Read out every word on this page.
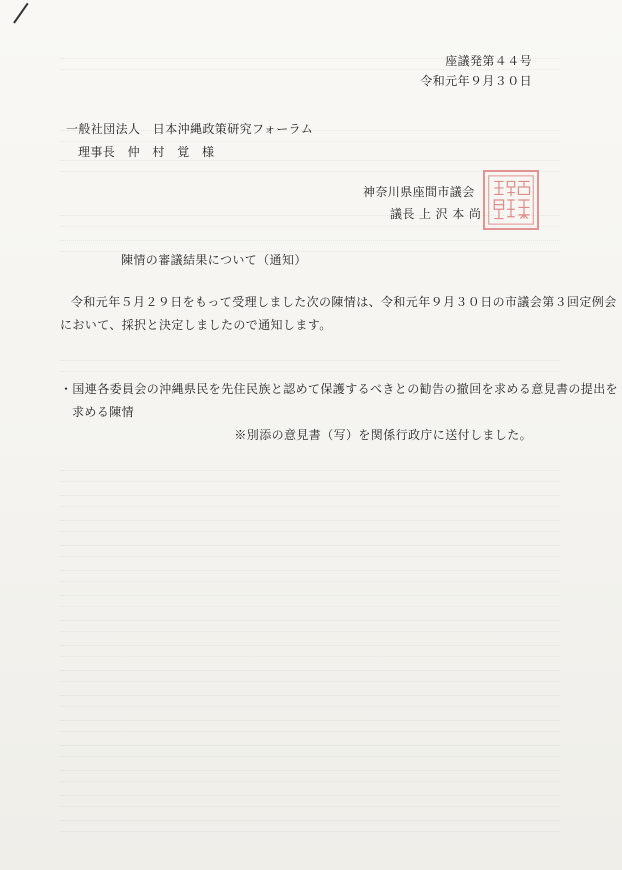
座議発第４４号
令和元年９月３０日
一般社団法人　日本沖縄政策研究フォーラム
理事長　仲　村　覚　様
神奈川県座間市議会
議長 上 沢 本 尚
陳情の審議結果について（通知）
令和元年５月２９日をもって受理しました次の陳情は、令和元年９月３０日の市議会第３回定例会
において、採択と決定しましたので通知します。
・国連各委員会の沖縄県民を先住民族と認めて保護するべきとの勧告の撤回を求める意見書の提出を
求める陳情
※別添の意見書（写）を関係行政庁に送付しました。
